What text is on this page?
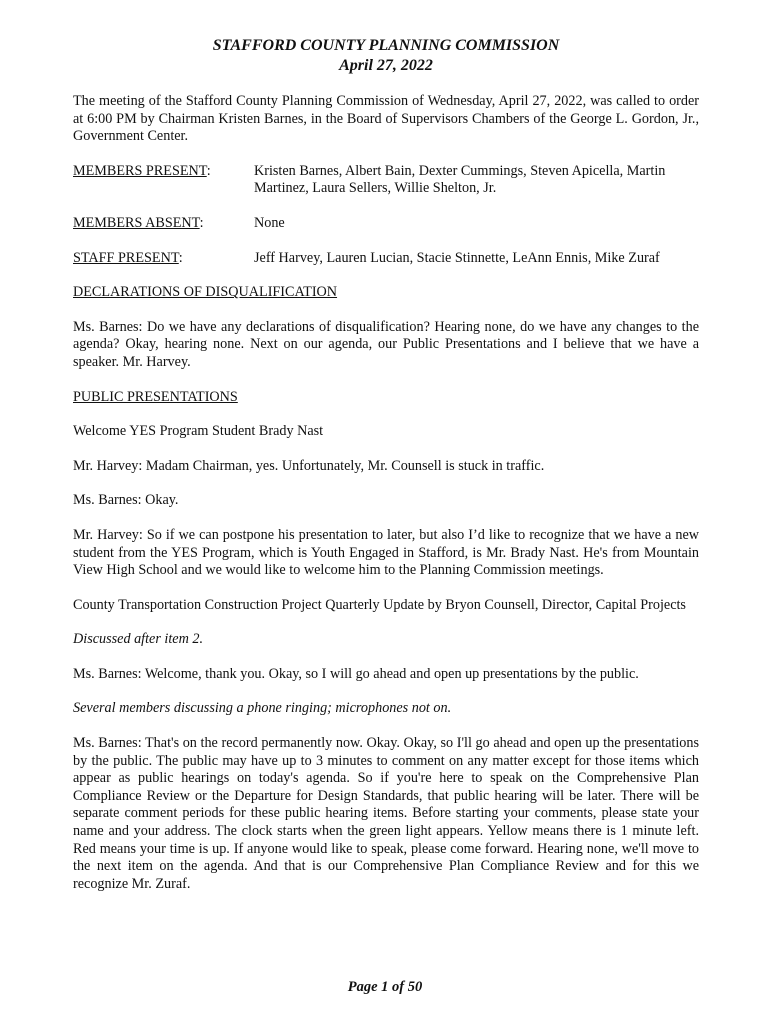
STAFFORD COUNTY PLANNING COMMISSION
April 27, 2022

The meeting of the Stafford County Planning Commission of Wednesday, April 27, 2022, was called to order at 6:00 PM by Chairman Kristen Barnes, in the Board of Supervisors Chambers of the George L. Gordon, Jr., Government Center.

MEMBERS PRESENT:	Kristen Barnes, Albert Bain, Dexter Cummings, Steven Apicella, Martin Martinez, Laura Sellers, Willie Shelton, Jr.
MEMBERS ABSENT:	None
STAFF PRESENT:	Jeff Harvey, Lauren Lucian, Stacie Stinnette, LeAnn Ennis, Mike Zuraf

DECLARATIONS OF DISQUALIFICATION

Ms. Barnes: Do we have any declarations of disqualification? Hearing none, do we have any changes to the agenda? Okay, hearing none. Next on our agenda, our Public Presentations and I believe that we have a speaker. Mr. Harvey.

PUBLIC PRESENTATIONS

Welcome YES Program Student Brady Nast

Mr. Harvey: Madam Chairman, yes. Unfortunately, Mr. Counsell is stuck in traffic.

Ms. Barnes: Okay.

Mr. Harvey: So if we can postpone his presentation to later, but also I’d like to recognize that we have a new student from the YES Program, which is Youth Engaged in Stafford, is Mr. Brady Nast. He's from Mountain View High School and we would like to welcome him to the Planning Commission meetings.

County Transportation Construction Project Quarterly Update by Bryon Counsell, Director, Capital Projects

Discussed after item 2.

Ms. Barnes: Welcome, thank you. Okay, so I will go ahead and open up presentations by the public.

Several members discussing a phone ringing; microphones not on.

Ms. Barnes: That's on the record permanently now. Okay. Okay, so I'll go ahead and open up the presentations by the public. The public may have up to 3 minutes to comment on any matter except for those items which appear as public hearings on today's agenda. So if you're here to speak on the Comprehensive Plan Compliance Review or the Departure for Design Standards, that public hearing will be later. There will be separate comment periods for these public hearing items. Before starting your comments, please state your name and your address. The clock starts when the green light appears. Yellow means there is 1 minute left. Red means your time is up. If anyone would like to speak, please come forward. Hearing none, we'll move to the next item on the agenda. And that is our Comprehensive Plan Compliance Review and for this we recognize Mr. Zuraf.

Page 1 of 50
